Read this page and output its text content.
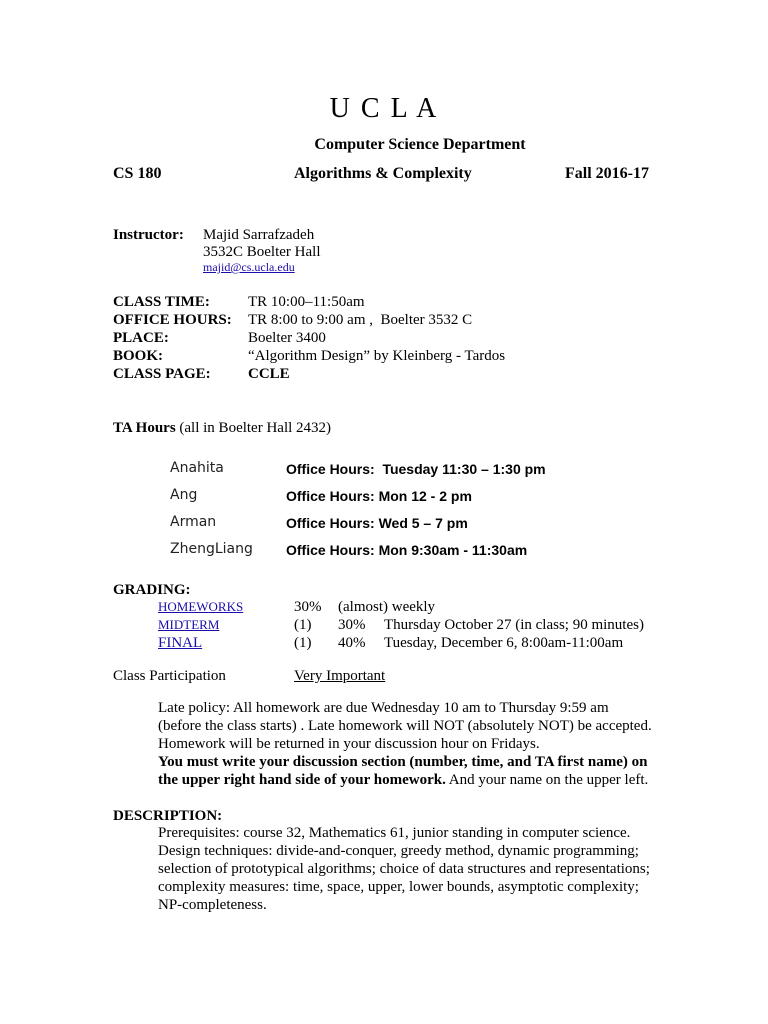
U C L A
Computer Science Department
CS 180	Algorithms & Complexity	Fall 2016-17
Instructor: Majid Sarrafzadeh
3532C Boelter Hall
majid@cs.ucla.edu
CLASS TIME:	TR 10:00–11:50am
OFFICE HOURS: TR 8:00 to 9:00 am ,  Boelter 3532 C
PLACE:	Boelter 3400
BOOK:	“Algorithm Design” by Kleinberg - Tardos
CLASS PAGE: CCLE
TA Hours (all in Boelter Hall 2432)
Anahita	Office Hours:  Tuesday 11:30 – 1:30 pm
Ang	Office Hours: Mon 12 - 2 pm
Arman	Office Hours: Wed 5 – 7 pm
ZhengLiang Office Hours: Mon 9:30am - 11:30am
GRADING:
HOMEWORKS	30% (almost) weekly
MIDTERM	(1) 30% Thursday October 27 (in class; 90 minutes)
FINAL	(1) 40% Tuesday, December 6, 8:00am-11:00am
Class Participation	Very Important
Late policy: All homework are due Wednesday 10 am to Thursday 9:59 am
(before the class starts) . Late homework will NOT (absolutely NOT) be accepted.
Homework will be returned in your discussion hour on Fridays.
You must write your discussion section (number, time, and TA first name) on
the upper right hand side of your homework. And your name on the upper left.
DESCRIPTION:
Prerequisites: course 32, Mathematics 61, junior standing in computer science.
Design techniques: divide-and-conquer, greedy method, dynamic programming;
selection of prototypical algorithms; choice of data structures and representations;
complexity measures: time, space, upper, lower bounds, asymptotic complexity;
NP-completeness.
